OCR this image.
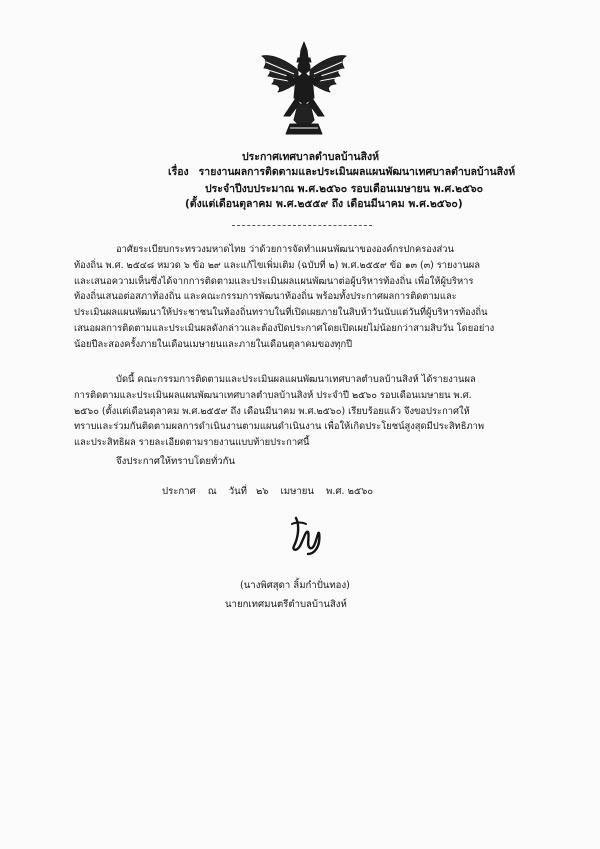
ประกาศเทศบาลตำบลบ้านสิงห์
เรื่อง รายงานผลการติดตามและประเมินผลแผนพัฒนาเทศบาลตำบลบ้านสิงห์
ประจำปีงบประมาณ พ.ศ.๒๕๖๐ รอบเดือนเมษายน พ.ศ.๒๕๖๐
(ตั้งแต่เดือนตุลาคม พ.ศ.๒๕๕๙ ถึง เดือนมีนาคม พ.ศ.๒๕๖๐)
อาศัยระเบียบกระทรวงมหาดไทย ว่าด้วยการจัดทำแผนพัฒนาขององค์กรปกครองส่วน
ท้องถิ่น พ.ศ. ๒๕๔๘ หมวด ๖ ข้อ ๒๙ และแก้ไขเพิ่มเติม (ฉบับที่ ๒) พ.ศ.๒๕๕๙ ข้อ ๑๓ (๓) รายงานผล
และเสนอความเห็นซึ่งได้จากการติดตามและประเมินผลแผนพัฒนาต่อผู้บริหารท้องถิ่น เพื่อให้ผู้บริหาร
ท้องถิ่นเสนอต่อสภาท้องถิ่น และคณะกรรมการพัฒนาท้องถิ่น พร้อมทั้งประกาศผลการติดตามและ
ประเมินผลแผนพัฒนาให้ประชาชนในท้องถิ่นทราบในที่เปิดเผยภายในสิบห้าวันนับแต่วันที่ผู้บริหารท้องถิ่น
เสนอผลการติดตามและประเมินผลดังกล่าวและต้องปิดประกาศโดยเปิดเผยไม่น้อยกว่าสามสิบวัน โดยอย่าง
น้อยปีละสองครั้งภายในเดือนเมษายนและภายในเดือนตุลาคมของทุกปี
บัดนี้ คณะกรรมการติดตามและประเมินผลแผนพัฒนาเทศบาลตำบลบ้านสิงห์ ได้รายงานผล
การติดตามและประเมินผลแผนพัฒนาเทศบาลตำบลบ้านสิงห์ ประจำปี ๒๕๖๐ รอบเดือนเมษายน พ.ศ.
๒๕๖๐ (ตั้งแต่เดือนตุลาคม พ.ศ.๒๕๕๙ ถึง เดือนมีนาคม พ.ศ.๒๕๖๐) เรียบร้อยแล้ว จึงขอประกาศให้
ทราบและร่วมกันติดตามผลการดำเนินงานตามแผนดำเนินงาน เพื่อให้เกิดประโยชน์สูงสุดมีประสิทธิภาพ
และประสิทธิผล รายละเอียดตามรายงานแบบท้ายประกาศนี้
จึงประกาศให้ทราบโดยทั่วกัน
ประกาศ ณ วันที่ ๒๖ เมษายน พ.ศ. ๒๕๖๐
(นางพิศสุดา ลิ้มกำปั่นทอง)
นายกเทศมนตรีตำบลบ้านสิงห์
